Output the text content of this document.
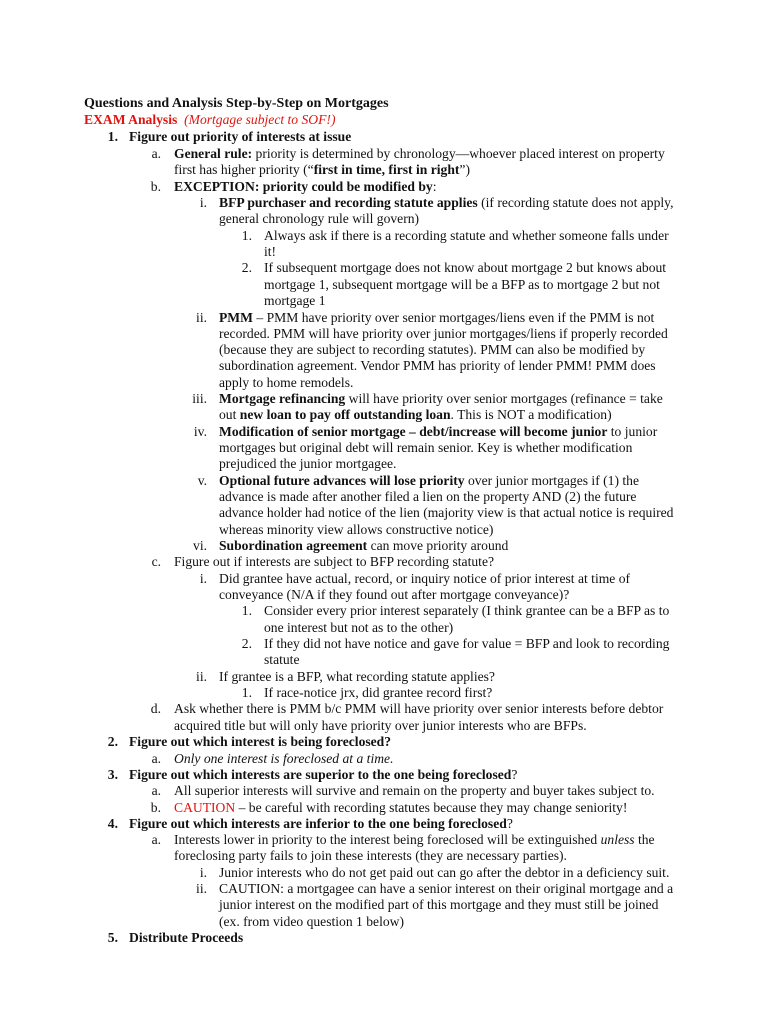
Questions and Analysis Step-by-Step on Mortgages
EXAM Analysis (Mortgage subject to SOF!)
1. Figure out priority of interests at issue
a. General rule: priority is determined by chronology—whoever placed interest on property
first has higher priority (“first in time, first in right”)
b. EXCEPTION: priority could be modified by:
i. BFP purchaser and recording statute applies (if recording statute does not apply,
general chronology rule will govern)
1. Always ask if there is a recording statute and whether someone falls under
it!
2. If subsequent mortgage does not know about mortgage 2 but knows about
mortgage 1, subsequent mortgage will be a BFP as to mortgage 2 but not
mortgage 1
ii. PMM – PMM have priority over senior mortgages/liens even if the PMM is not
recorded. PMM will have priority over junior mortgages/liens if properly recorded
(because they are subject to recording statutes). PMM can also be modified by
subordination agreement. Vendor PMM has priority of lender PMM! PMM does
apply to home remodels.
iii. Mortgage refinancing will have priority over senior mortgages (refinance = take
out new loan to pay off outstanding loan. This is NOT a modification)
iv. Modification of senior mortgage – debt/increase will become junior to junior
mortgages but original debt will remain senior. Key is whether modification
prejudiced the junior mortgagee.
v. Optional future advances will lose priority over junior mortgages if (1) the
advance is made after another filed a lien on the property AND (2) the future
advance holder had notice of the lien (majority view is that actual notice is required
whereas minority view allows constructive notice)
vi. Subordination agreement can move priority around
c. Figure out if interests are subject to BFP recording statute?
i. Did grantee have actual, record, or inquiry notice of prior interest at time of
conveyance (N/A if they found out after mortgage conveyance)?
1. Consider every prior interest separately (I think grantee can be a BFP as to
one interest but not as to the other)
2. If they did not have notice and gave for value = BFP and look to recording
statute
ii. If grantee is a BFP, what recording statute applies?
1. If race-notice jrx, did grantee record first?
d. Ask whether there is PMM b/c PMM will have priority over senior interests before debtor
acquired title but will only have priority over junior interests who are BFPs.
2. Figure out which interest is being foreclosed?
a. Only one interest is foreclosed at a time.
3. Figure out which interests are superior to the one being foreclosed?
a. All superior interests will survive and remain on the property and buyer takes subject to.
b. CAUTION – be careful with recording statutes because they may change seniority!
4. Figure out which interests are inferior to the one being foreclosed?
a. Interests lower in priority to the interest being foreclosed will be extinguished unless the
foreclosing party fails to join these interests (they are necessary parties).
i. Junior interests who do not get paid out can go after the debtor in a deficiency suit.
ii. CAUTION: a mortgagee can have a senior interest on their original mortgage and a
junior interest on the modified part of this mortgage and they must still be joined
(ex. from video question 1 below)
5. Distribute Proceeds
